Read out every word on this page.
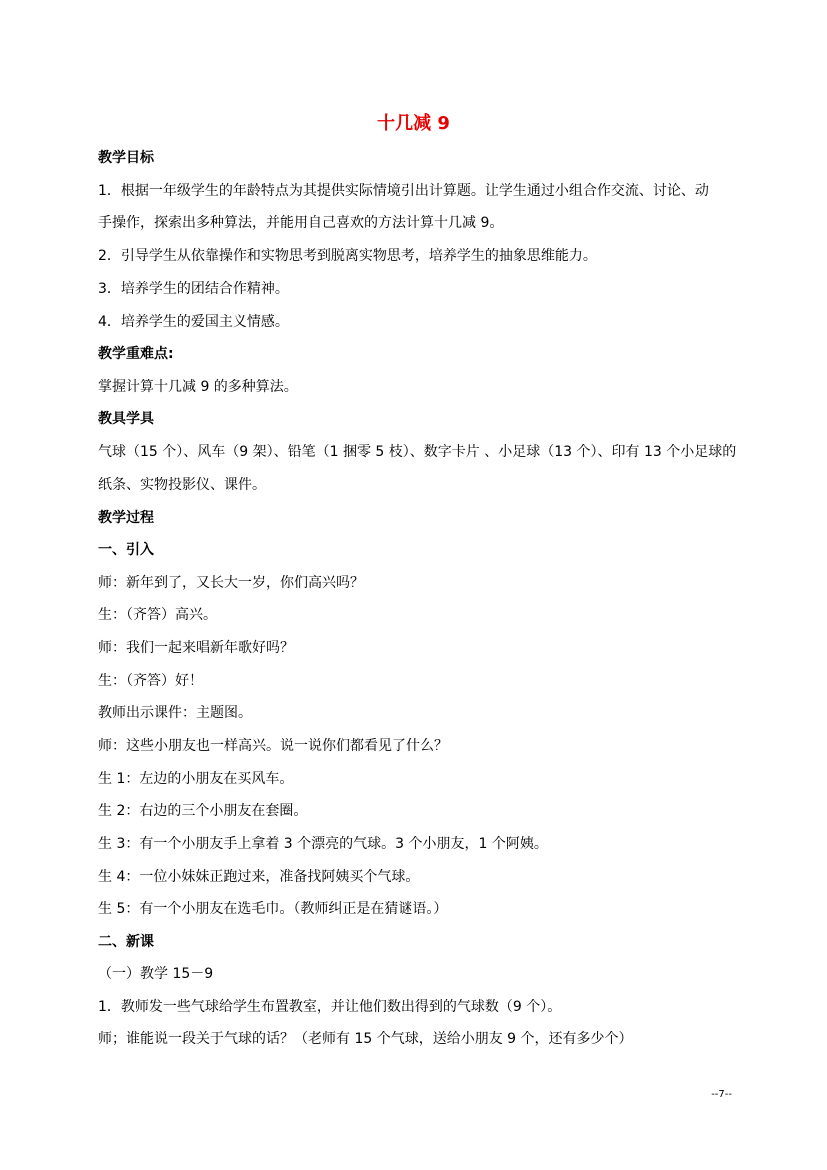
十几减 9
教学目标
1．根据一年级学生的年龄特点为其提供实际情境引出计算题。让学生通过小组合作交流、讨论、动
手操作，探索出多种算法，并能用自己喜欢的方法计算十几减 9。
2．引导学生从依靠操作和实物思考到脱离实物思考，培养学生的抽象思维能力。
3．培养学生的团结合作精神。
4．培养学生的爱国主义情感。
教学重难点:
掌握计算十几减 9 的多种算法。
教具学具
气球（15 个）、风车（9 架）、铅笔（1 捆零 5 枝）、数字卡片 、小足球（13 个）、印有 13 个小足球的
纸条、实物投影仪、课件。
教学过程
一、引入
师：新年到了，又长大一岁，你们高兴吗？
生：（齐答）高兴。
师：我们一起来唱新年歌好吗？
生：（齐答）好！
教师出示课件：主题图。
师：这些小朋友也一样高兴。说一说你们都看见了什么？
生 1：左边的小朋友在买风车。
生 2：右边的三个小朋友在套圈。
生 3：有一个小朋友手上拿着 3 个漂亮的气球。3 个小朋友，1 个阿姨。
生 4：一位小妹妹正跑过来，准备找阿姨买个气球。
生 5：有一个小朋友在选毛巾。（教师纠正是在猜谜语。）
二、新课
（一）教学 15－9
1．教师发一些气球给学生布置教室，并让他们数出得到的气球数（9 个）。
师；谁能说一段关于气球的话？（老师有 15 个气球，送给小朋友 9 个，还有多少个）
--7--
